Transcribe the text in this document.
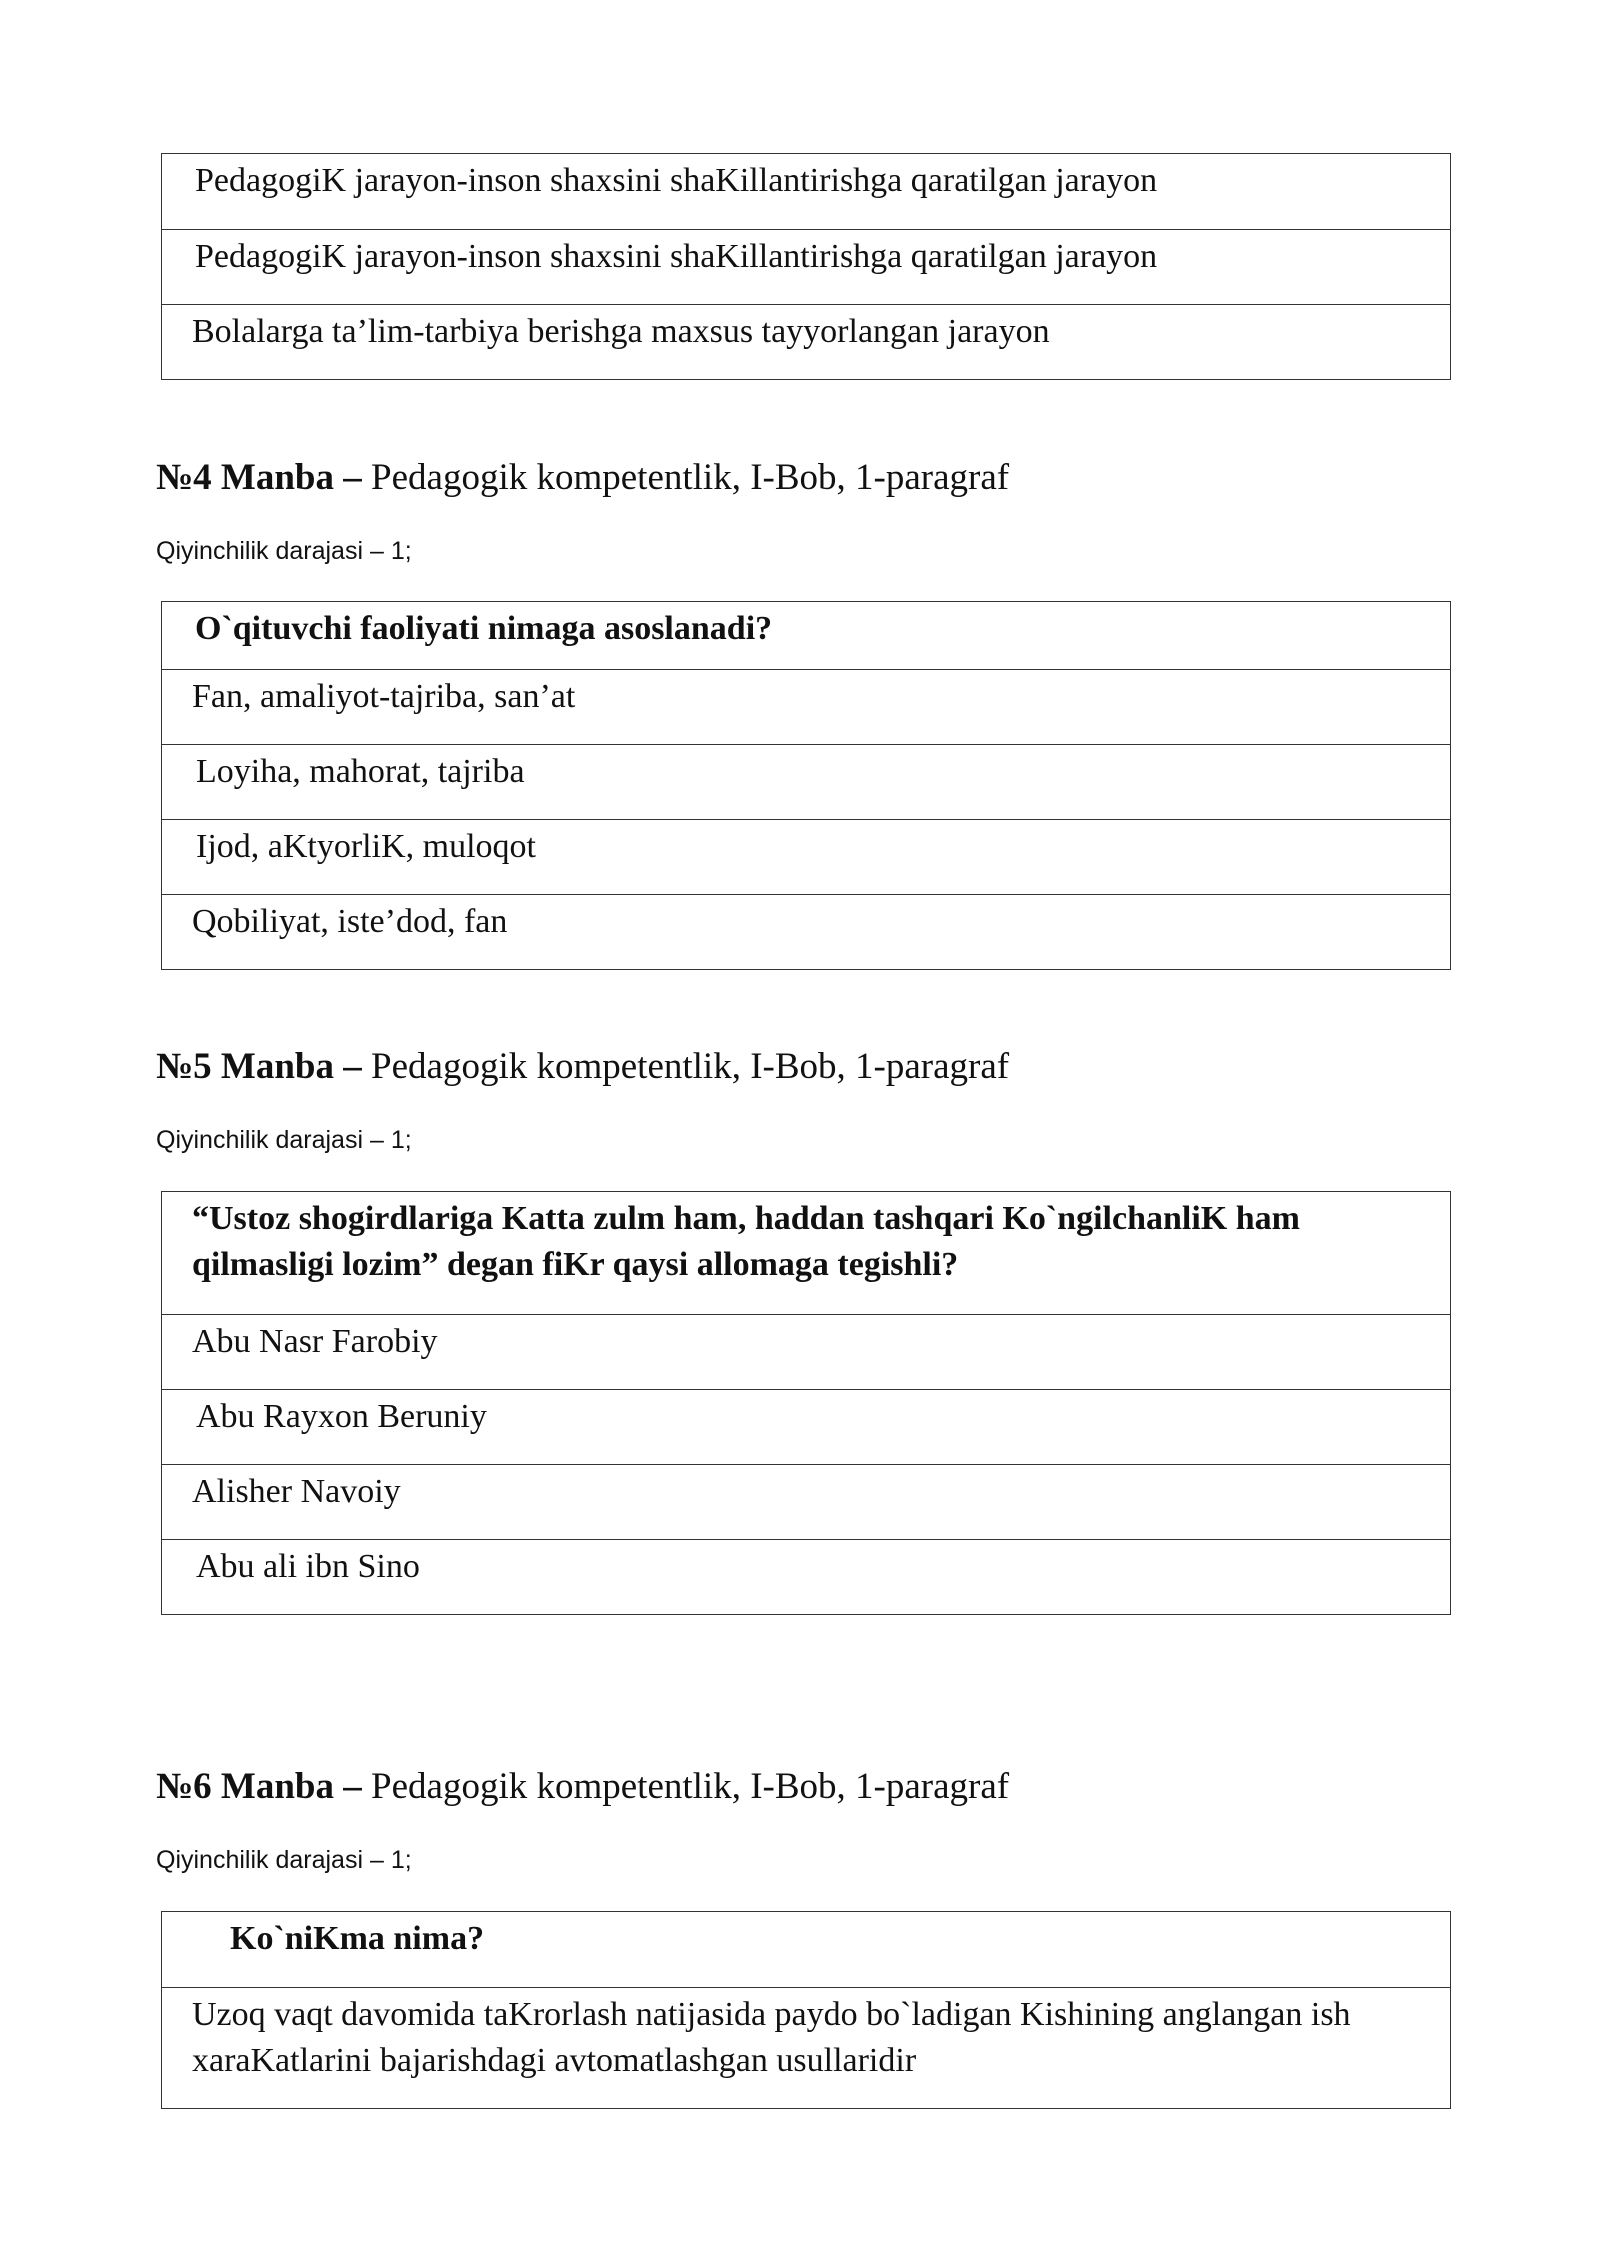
PedagogiK jarayon-inson shaxsini shaKillantirishga qaratilgan jarayon
PedagogiK jarayon-inson shaxsini shaKillantirishga qaratilgan jarayon
Bolalarga ta’lim-tarbiya berishga maxsus tayyorlangan jarayon
№4 Manba – Pedagogik kompetentlik, I-Bob, 1-paragraf
Qiyinchilik darajasi – 1;
O`qituvchi faoliyati nimaga asoslanadi?
Fan, amaliyot-tajriba, san’at
Loyiha, mahorat, tajriba
Ijod, aKtyorliK, muloqot
Qobiliyat, iste’dod, fan
№5 Manba – Pedagogik kompetentlik, I-Bob, 1-paragraf
Qiyinchilik darajasi – 1;
“Ustoz shogirdlariga Katta zulm ham, haddan tashqari Ko`ngilchanliK ham qilmasligi lozim” degan fiKr qaysi allomaga tegishli?
Abu Nasr Farobiy
Abu Rayxon Beruniy
Alisher Navoiy
Abu ali ibn Sino
№6 Manba – Pedagogik kompetentlik, I-Bob, 1-paragraf
Qiyinchilik darajasi – 1;
Ko`niKma nima?
Uzoq vaqt davomida taKrorlash natijasida paydo bo`ladigan Kishining anglangan ish xaraKatlarini bajarishdagi avtomatlashgan usullaridir
